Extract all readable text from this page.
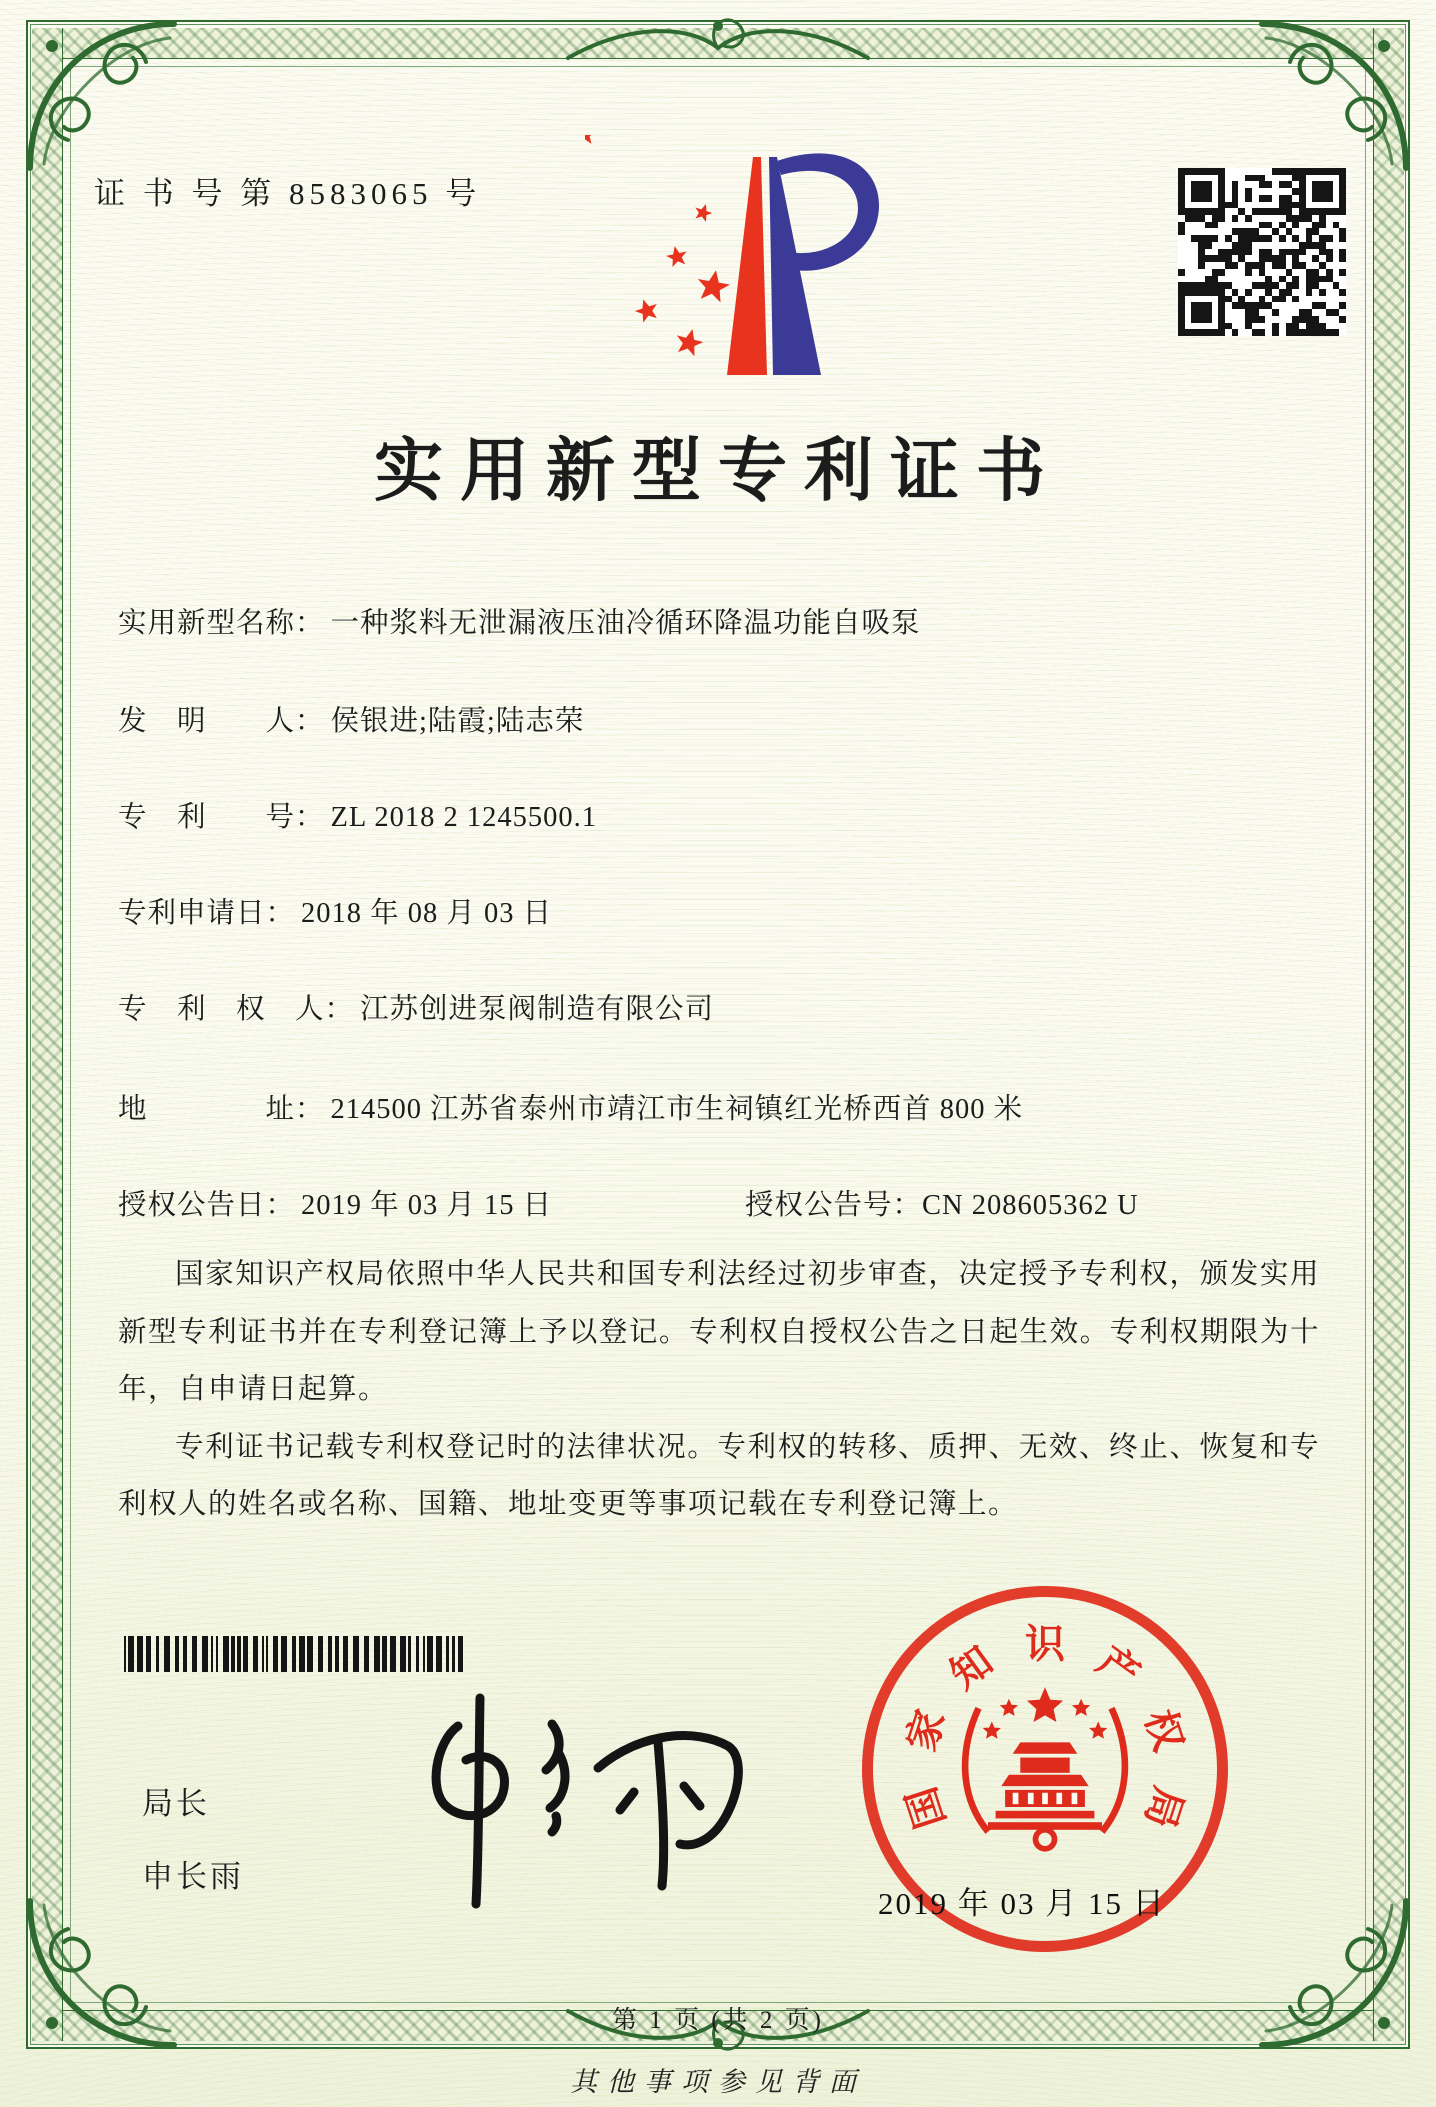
证 书 号 第 8583065 号
实用新型专利证书
实用新型名称： 一种浆料无泄漏液压油冷循环降温功能自吸泵
发　明　　人： 侯银进;陆霞;陆志荣
专　利　　号： ZL 2018 2 1245500.1
专利申请日： 2018 年 08 月 03 日
专　利　权　人： 江苏创进泵阀制造有限公司
地　　　　址： 214500 江苏省泰州市靖江市生祠镇红光桥西首 800 米
授权公告日： 2019 年 03 月 15 日	授权公告号：CN 208605362 U

国家知识产权局依照中华人民共和国专利法经过初步审查，决定授予专利权，颁发实用新型专利证书并在专利登记簿上予以登记。专利权自授权公告之日起生效。专利权期限为十年，自申请日起算。

专利证书记载专利权登记时的法律状况。专利权的转移、质押、无效、终止、恢复和专利权人的姓名或名称、国籍、地址变更等事项记载在专利登记簿上。

局长
申长雨
国
家
知 识 产
权
局
2019 年 03 月 15 日
第 1 页 (共 2 页)
其他事项参见背面
